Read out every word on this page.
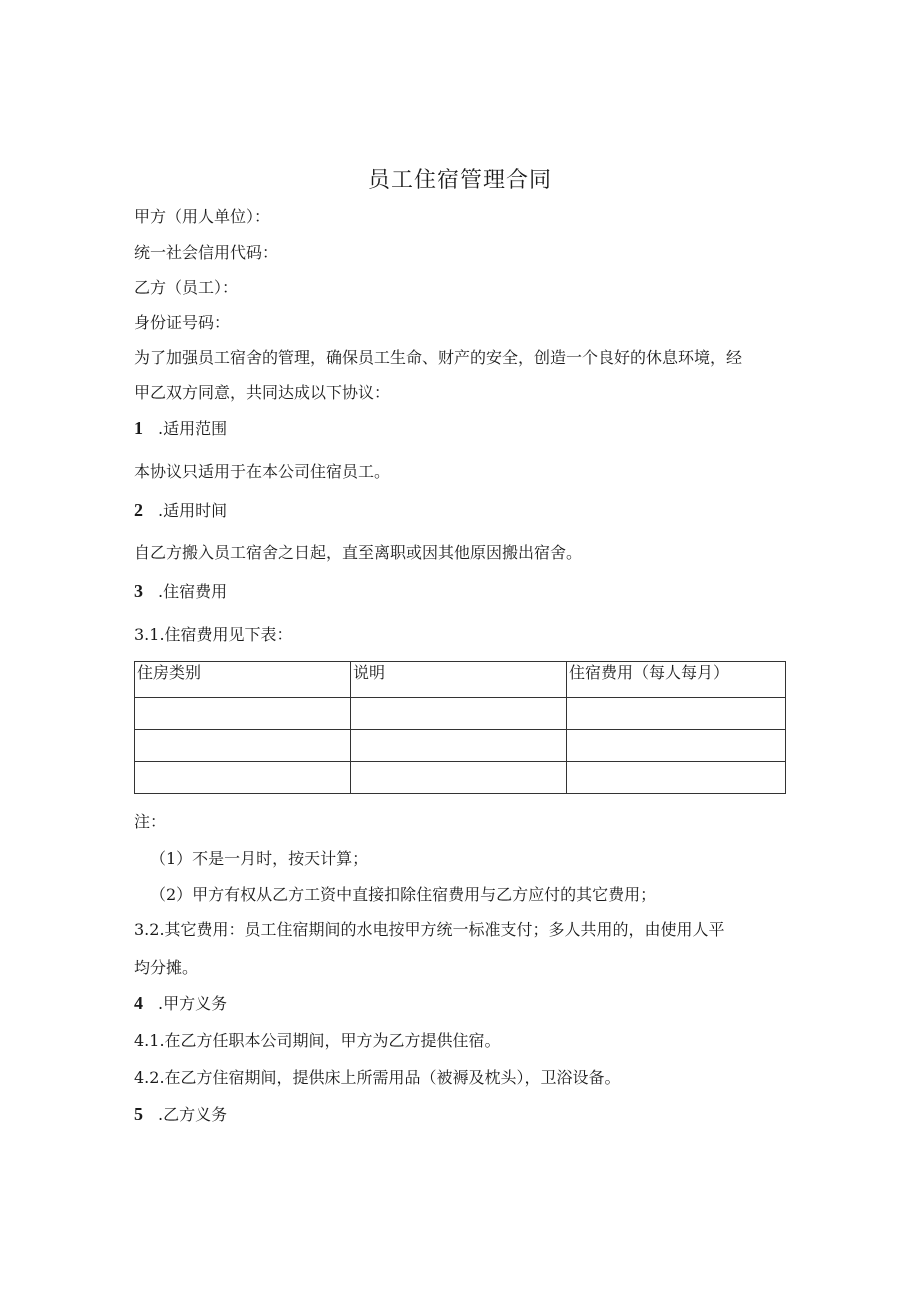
员工住宿管理合同

甲方（用人单位）：

统一社会信用代码：

乙方（员工）：

身份证号码：

为了加强员工宿舍的管理，确保员工生命、财产的安全，创造一个良好的休息环境，经

甲乙双方同意，共同达成以下协议：

1 .适用范围

本协议只适用于在本公司住宿员工。

2 .适用时间

自乙方搬入员工宿舍之日起，直至离职或因其他原因搬出宿舍。

3 .住宿费用

3.1.住宿费用见下表：

住房类别	说明	住宿费用（每人每月）

注：

（1）不是一月时，按天计算；

（2）甲方有权从乙方工资中直接扣除住宿费用与乙方应付的其它费用；

3.2.其它费用：员工住宿期间的水电按甲方统一标准支付；多人共用的，由使用人平

均分摊。

4 .甲方义务

4.1.在乙方任职本公司期间，甲方为乙方提供住宿。

4.2.在乙方住宿期间，提供床上所需用品（被褥及枕头），卫浴设备。

5 .乙方义务
